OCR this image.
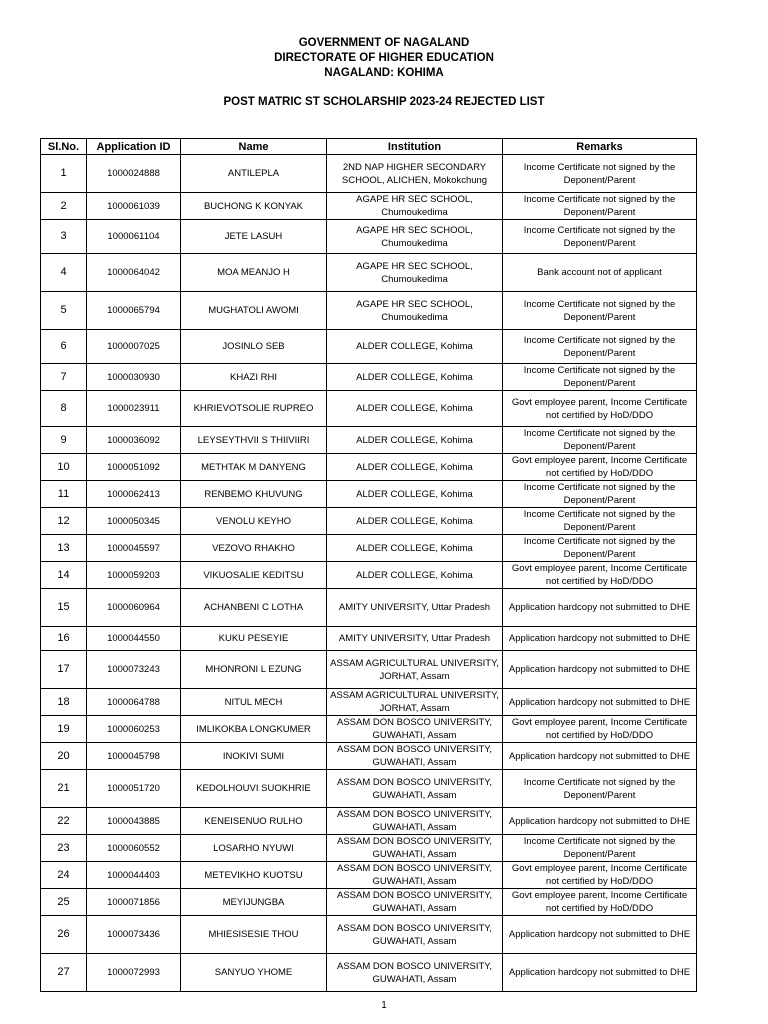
GOVERNMENT OF NAGALAND
DIRECTORATE OF HIGHER EDUCATION
NAGALAND: KOHIMA
POST MATRIC ST SCHOLARSHIP 2023-24 REJECTED LIST
Sl.No.	Application ID	Name	Institution	Remarks
1	1000024888	ANTILEPLA	2ND NAP HIGHER SECONDARY SCHOOL, ALICHEN, Mokokchung	Income Certificate not signed by the Deponent/Parent
2	1000061039	BUCHONG K KONYAK	AGAPE HR SEC SCHOOL, Chumoukedima	Income Certificate not signed by the Deponent/Parent
3	1000061104	JETE LASUH	AGAPE HR SEC SCHOOL, Chumoukedima	Income Certificate not signed by the Deponent/Parent
4	1000064042	MOA MEANJO H	AGAPE HR SEC SCHOOL, Chumoukedima	Bank account not of applicant
5	1000065794	MUGHATOLI AWOMI	AGAPE HR SEC SCHOOL, Chumoukedima	Income Certificate not signed by the Deponent/Parent
6	1000007025	JOSINLO SEB	ALDER COLLEGE, Kohima	Income Certificate not signed by the Deponent/Parent
7	1000030930	KHAZI RHI	ALDER COLLEGE, Kohima	Income Certificate not signed by the Deponent/Parent
8	1000023911	KHRIEVOTSOLIE RUPREO	ALDER COLLEGE, Kohima	Govt employee parent, Income Certificate not certified by HoD/DDO
9	1000036092	LEYSEYTHVII S THIIVIIRI	ALDER COLLEGE, Kohima	Income Certificate not signed by the Deponent/Parent
10	1000051092	METHTAK M DANYENG	ALDER COLLEGE, Kohima	Govt employee parent, Income Certificate not certified by HoD/DDO
11	1000062413	RENBEMO KHUVUNG	ALDER COLLEGE, Kohima	Income Certificate not signed by the Deponent/Parent
12	1000050345	VENOLU KEYHO	ALDER COLLEGE, Kohima	Income Certificate not signed by the Deponent/Parent
13	1000045597	VEZOVO RHAKHO	ALDER COLLEGE, Kohima	Income Certificate not signed by the Deponent/Parent
14	1000059203	VIKUOSALIE KEDITSU	ALDER COLLEGE, Kohima	Govt employee parent, Income Certificate not certified by HoD/DDO
15	1000060964	ACHANBENI C LOTHA	AMITY UNIVERSITY, Uttar Pradesh	Application hardcopy not submitted to DHE
16	1000044550	KUKU PESEYIE	AMITY UNIVERSITY, Uttar Pradesh	Application hardcopy not submitted to DHE
17	1000073243	MHONRONI L EZUNG	ASSAM AGRICULTURAL UNIVERSITY, JORHAT, Assam	Application hardcopy not submitted to DHE
18	1000064788	NITUL MECH	ASSAM AGRICULTURAL UNIVERSITY, JORHAT, Assam	Application hardcopy not submitted to DHE
19	1000060253	IMLIKOKBA LONGKUMER	ASSAM DON BOSCO UNIVERSITY, GUWAHATI, Assam	Govt employee parent, Income Certificate not certified by HoD/DDO
20	1000045798	INOKIVI SUMI	ASSAM DON BOSCO UNIVERSITY, GUWAHATI, Assam	Application hardcopy not submitted to DHE
21	1000051720	KEDOLHOUVI SUOKHRIE	ASSAM DON BOSCO UNIVERSITY, GUWAHATI, Assam	Income Certificate not signed by the Deponent/Parent
22	1000043885	KENEISENUO RULHO	ASSAM DON BOSCO UNIVERSITY, GUWAHATI, Assam	Application hardcopy not submitted to DHE
23	1000060552	LOSARHO NYUWI	ASSAM DON BOSCO UNIVERSITY, GUWAHATI, Assam	Income Certificate not signed by the Deponent/Parent
24	1000044403	METEVIKHO KUOTSU	ASSAM DON BOSCO UNIVERSITY, GUWAHATI, Assam	Govt employee parent, Income Certificate not certified by HoD/DDO
25	1000071856	MEYIJUNGBA	ASSAM DON BOSCO UNIVERSITY, GUWAHATI, Assam	Govt employee parent, Income Certificate not certified by HoD/DDO
26	1000073436	MHIESISESIE THOU	ASSAM DON BOSCO UNIVERSITY, GUWAHATI, Assam	Application hardcopy not submitted to DHE
27	1000072993	SANYUO YHOME	ASSAM DON BOSCO UNIVERSITY, GUWAHATI, Assam	Application hardcopy not submitted to DHE
1
